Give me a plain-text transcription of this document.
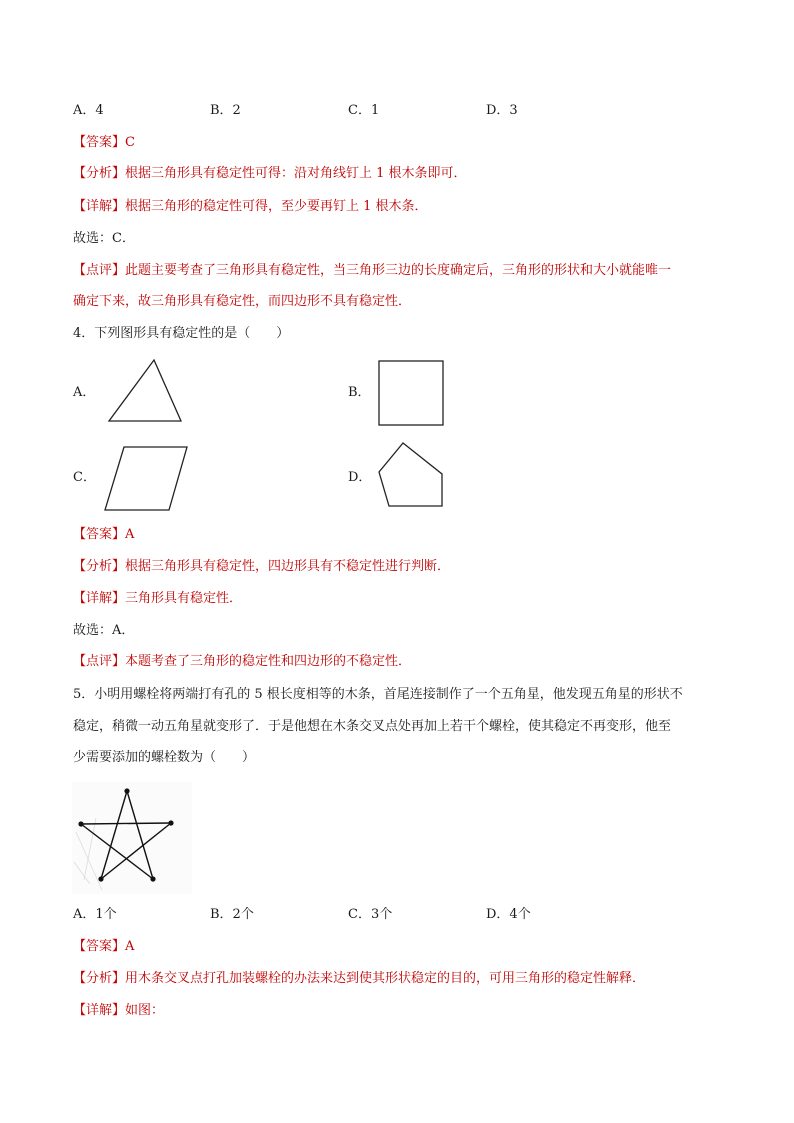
A．4	B．2	C．1	D．3
【答案】C
【分析】根据三角形具有稳定性可得：沿对角线钉上 1 根木条即可．
【详解】根据三角形的稳定性可得，至少要再钉上 1 根木条．
故选：C．
【点评】此题主要考查了三角形具有稳定性，当三角形三边的长度确定后，三角形的形状和大小就能唯一
确定下来，故三角形具有稳定性，而四边形不具有稳定性．
4．下列图形具有稳定性的是（　　）
A．	B．
C．	D．
【答案】A
【分析】根据三角形具有稳定性，四边形具有不稳定性进行判断．
【详解】三角形具有稳定性．
故选：A．
【点评】本题考查了三角形的稳定性和四边形的不稳定性．
5．小明用螺栓将两端打有孔的 5 根长度相等的木条，首尾连接制作了一个五角星，他发现五角星的形状不
稳定，稍微一动五角星就变形了．于是他想在木条交叉点处再加上若干个螺栓，使其稳定不再变形，他至
少需要添加的螺栓数为（　　）
A．1个	B．2个	C．3个	D．4个
【答案】A
【分析】用木条交叉点打孔加装螺栓的办法来达到使其形状稳定的目的，可用三角形的稳定性解释．
【详解】如图：
